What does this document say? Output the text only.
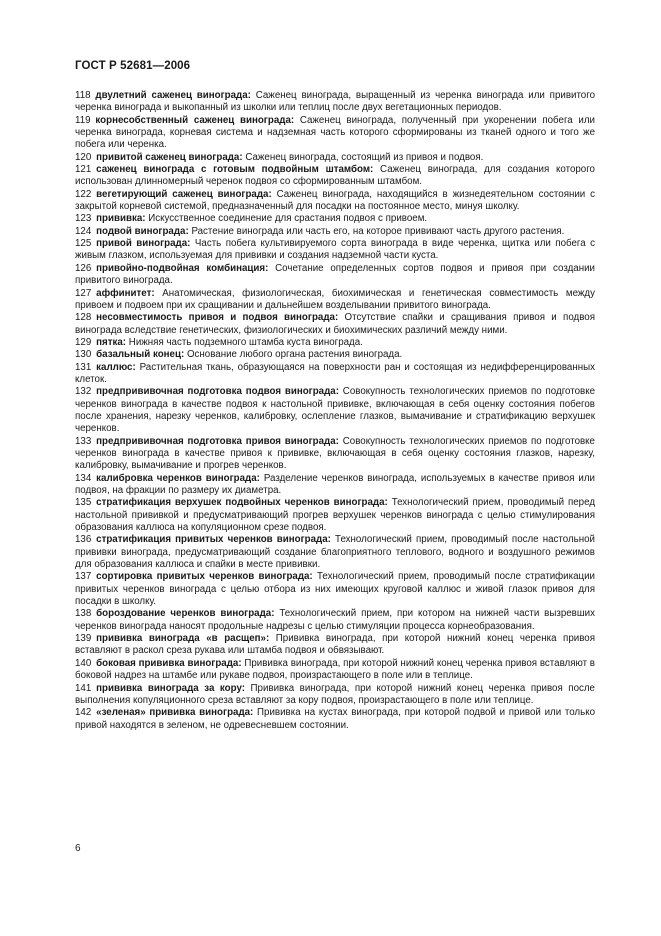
ГОСТ Р 52681—2006

118  двулетний саженец винограда: Саженец винограда, выращенный из черенка винограда или привитого черенка винограда и выкопанный из школки или теплиц после двух вегетационных периодов.

119  корнесобственный саженец винограда: Саженец винограда, полученный при укоренении побега или черенка винограда, корневая система и надземная часть которого сформированы из тканей одного и того же побега или черенка.

120  привитой саженец винограда: Саженец винограда, состоящий из привоя и подвоя.

121  саженец винограда с готовым подвойным штамбом: Саженец винограда, для создания которого использован длинномерный черенок подвоя со сформированным штамбом.

122  вегетирующий саженец винограда: Саженец винограда, находящийся в жизнедеятельном состоянии с закрытой корневой системой, предназначенный для посадки на постоянное место, минуя школку.

123  прививка: Искусственное соединение для срастания подвоя с привоем.

124  подвой винограда: Растение винограда или часть его, на которое прививают часть другого растения.

125  привой винограда: Часть побега культивируемого сорта винограда в виде черенка, щитка или побега с живым глазком, используемая для прививки и создания надземной части куста.

126  привойно-подвойная комбинация: Сочетание определенных сортов подвоя и привоя при создании привитого винограда.

127  аффинитет: Анатомическая, физиологическая, биохимическая и генетическая совместимость между привоем и подвоем при их сращивании и дальнейшем возделывании привитого винограда.

128  несовместимость привоя и подвоя винограда: Отсутствие спайки и сращивания привоя и подвоя винограда вследствие генетических, физиологических и биохимических различий между ними.

129  пятка: Нижняя часть подземного штамба куста винограда.

130  базальный конец: Основание любого органа растения винограда.

131  каллюс: Растительная ткань, образующаяся на поверхности ран и состоящая из недифференцированных клеток.

132  предпрививочная подготовка подвоя винограда: Совокупность технологических приемов по подготовке черенков винограда в качестве подвоя к настольной прививке, включающая в себя оценку состояния побегов после хранения, нарезку черенков, калибровку, ослепление глазков, вымачивание и стратификацию верхушек черенков.

133  предпрививочная подготовка привоя винограда: Совокупность технологических приемов по подготовке черенков винограда в качестве привоя к прививке, включающая в себя оценку состояния глазков, нарезку, калибровку, вымачивание и прогрев черенков.

134  калибровка черенков винограда: Разделение черенков винограда, используемых в качестве привоя или подвоя, на фракции по размеру их диаметра.

135  стратификация верхушек подвойных черенков винограда: Технологический прием, проводимый перед настольной прививкой и предусматривающий прогрев верхушек черенков винограда с целью стимулирования образования каллюса на копуляционном срезе подвоя.

136  стратификация привитых черенков винограда: Технологический прием, проводимый после настольной прививки винограда, предусматривающий создание благоприятного теплового, водного и воздушного режимов для образования каллюса и спайки в месте прививки.

137  сортировка привитых черенков винограда: Технологический прием, проводимый после стратификации привитых черенков винограда с целью отбора из них имеющих круговой каллюс и живой глазок привоя для посадки в школку.

138  бороздование черенков винограда: Технологический прием, при котором на нижней части вызревших черенков винограда наносят продольные надрезы с целью стимуляции процесса корнеобразования.

139  прививка винограда «в расщеп»: Прививка винограда, при которой нижний конец черенка привоя вставляют в раскол среза рукава или штамба подвоя и обвязывают.

140  боковая прививка винограда: Прививка винограда, при которой нижний конец черенка привоя вставляют в боковой надрез на штамбе или рукаве подвоя, произрастающего в поле или в теплице.

141  прививка винограда за кору: Прививка винограда, при которой нижний конец черенка привоя после выполнения копуляционного среза вставляют за кору подвоя, произрастающего в поле или теплице.

142  «зеленая» прививка винограда: Прививка на кустах винограда, при которой подвой и привой или только привой находятся в зеленом, не одревесневшем состоянии.

6
